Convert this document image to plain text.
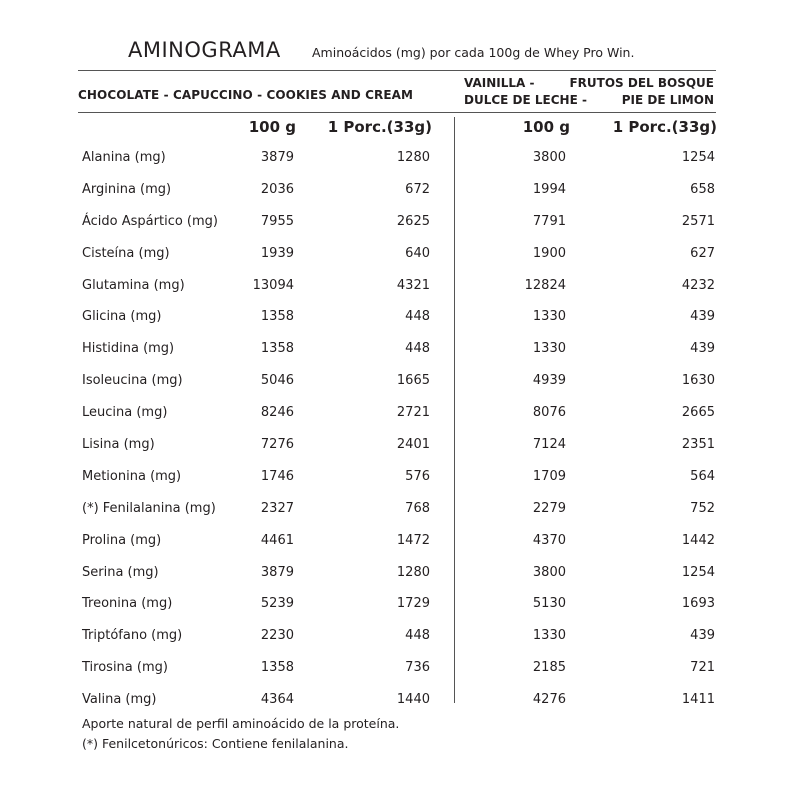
AMINOGRAMA Aminoácidos (mg) por cada 100g de Whey Pro Win.
CHOCOLATE - CAPUCCINO - COOKIES AND CREAM
VAINILLA -	FRUTOS DEL BOSQUE
DULCE DE LECHE -	PIE DE LIMON
100 g	1 Porc.(33g)	100 g	1 Porc.(33g)
Alanina (mg)	3879	1280	3800	1254
Arginina (mg)	2036	672	1994	658
Ácido Aspártico (mg)	7955	2625	7791	2571
Cisteína (mg)	1939	640	1900	627
Glutamina (mg)	13094	4321	12824	4232
Glicina (mg)	1358	448	1330	439
Histidina (mg)	1358	448	1330	439
Isoleucina (mg)	5046	1665	4939	1630
Leucina (mg)	8246	2721	8076	2665
Lisina (mg)	7276	2401	7124	2351
Metionina (mg)	1746	576	1709	564
(*) Fenilalanina (mg)	2327	768	2279	752
Prolina (mg)	4461	1472	4370	1442
Serina (mg)	3879	1280	3800	1254
Treonina (mg)	5239	1729	5130	1693
Triptófano (mg)	2230	448	1330	439
Tirosina (mg)	1358	736	2185	721
Valina (mg)	4364	1440	4276	1411
Aporte natural de perfil aminoácido de la proteína.
(*) Fenilcetonúricos: Contiene fenilalanina.
